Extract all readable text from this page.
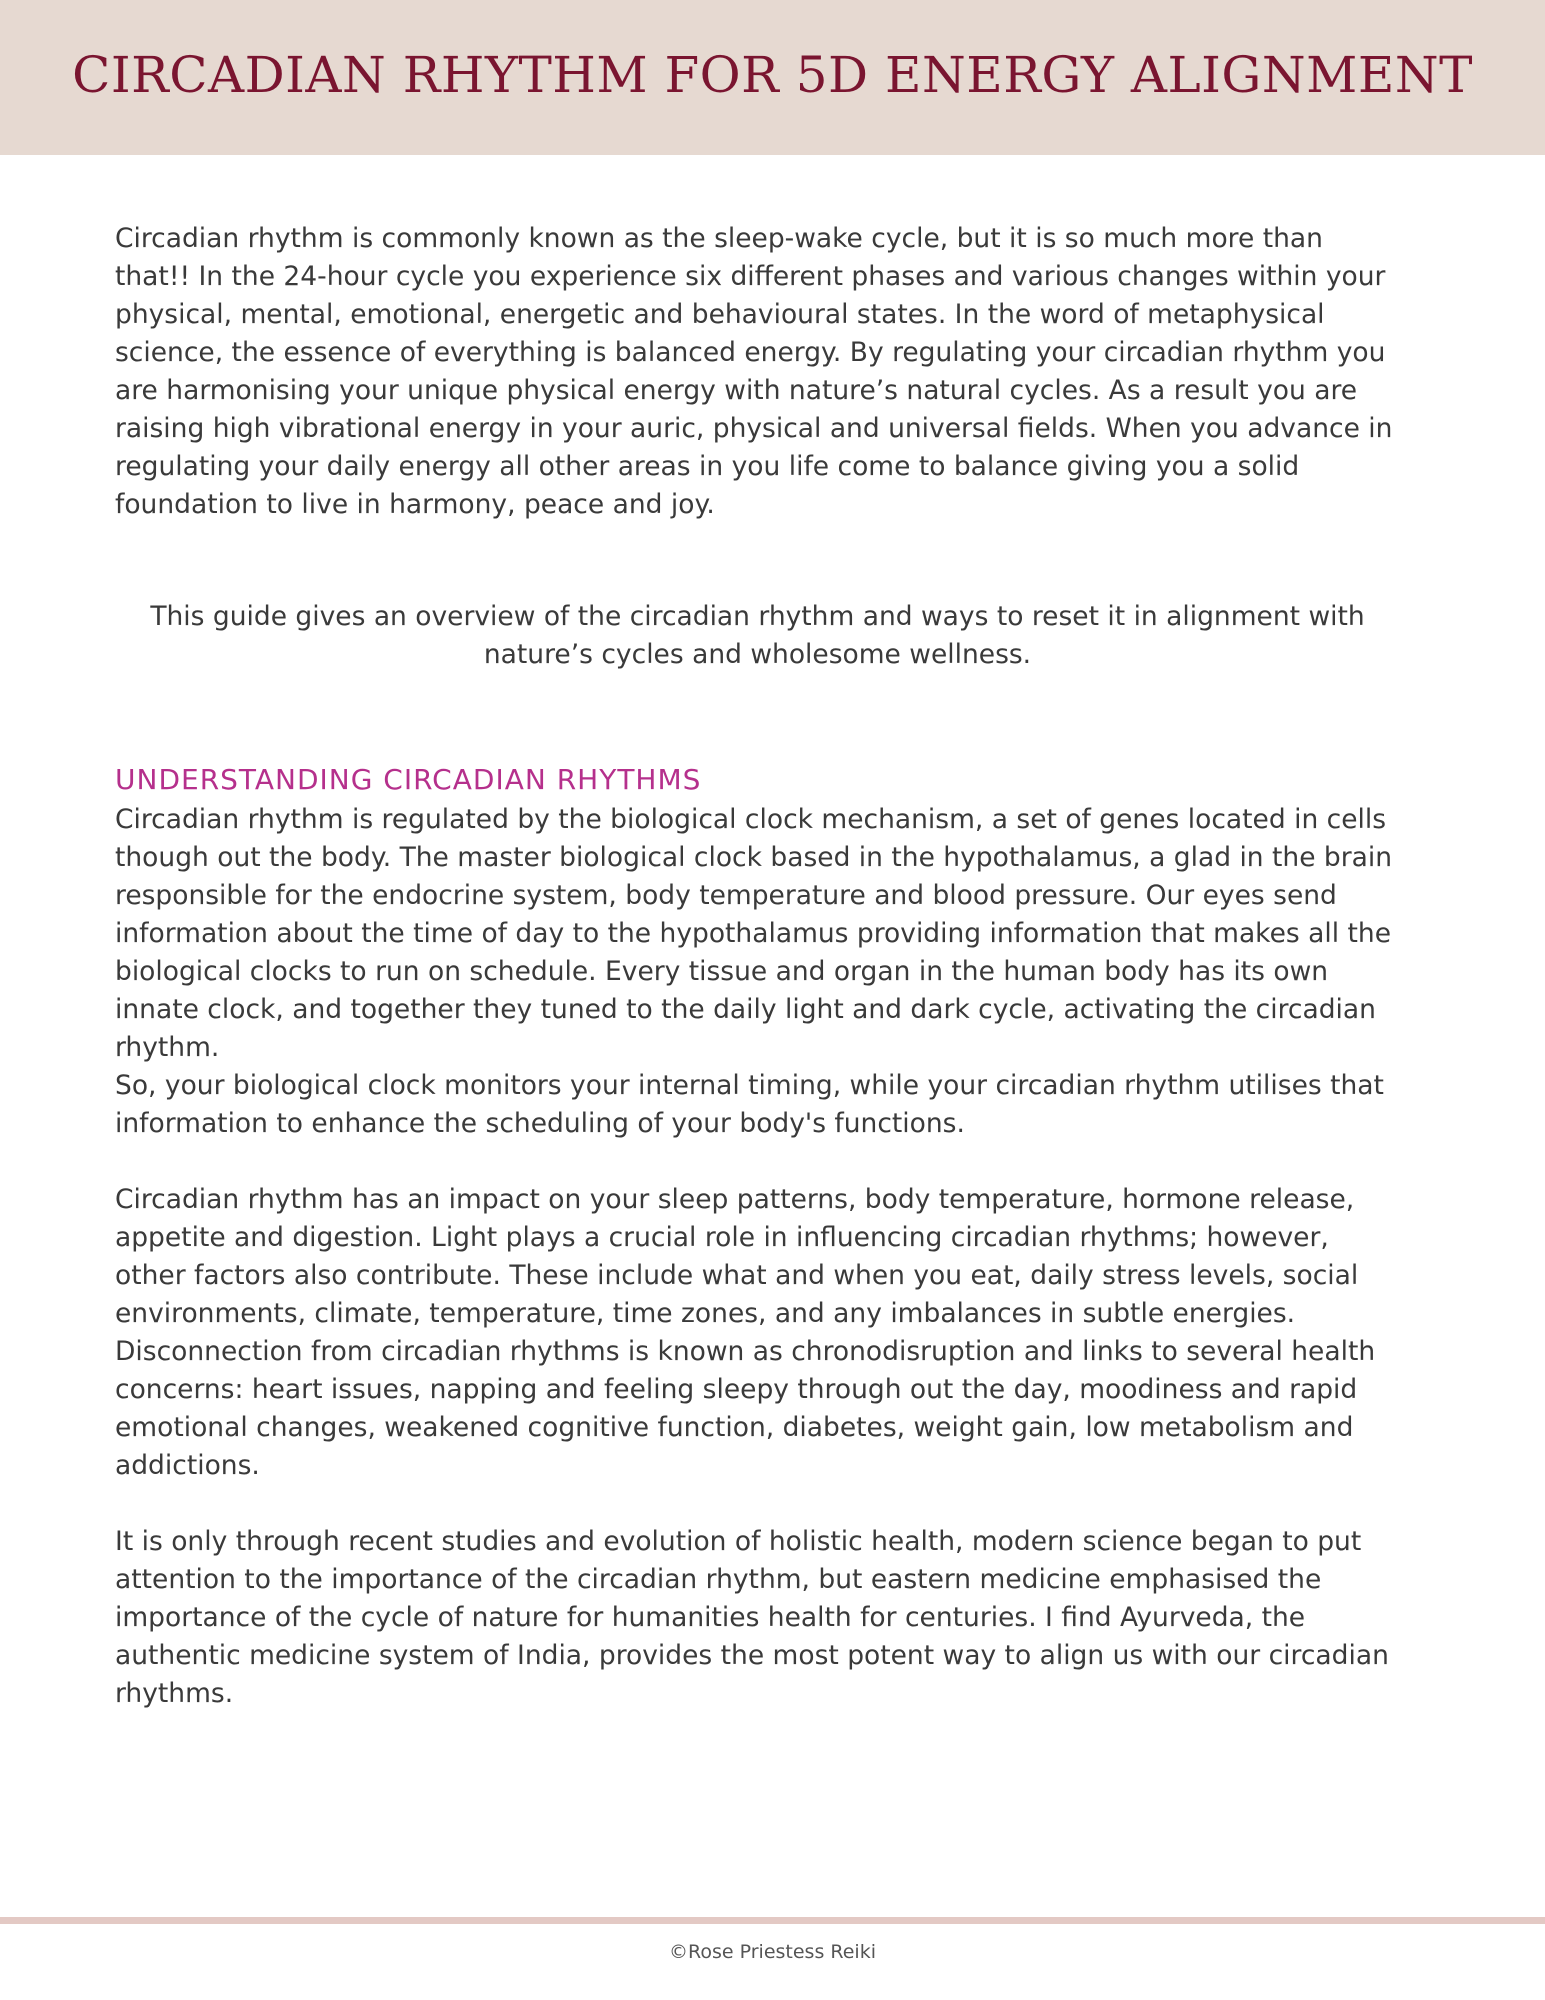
CIRCADIAN RHYTHM FOR 5D ENERGY ALIGNMENT

Circadian rhythm is commonly known as the sleep-wake cycle, but it is so much more than that!! In the 24-hour cycle you experience six different phases and various changes within your physical, mental, emotional, energetic and behavioural states. In the word of metaphysical science, the essence of everything is balanced energy. By regulating your circadian rhythm you are harmonising your unique physical energy with nature’s natural cycles. As a result you are raising high vibrational energy in your auric, physical and universal fields. When you advance in regulating your daily energy all other areas in you life come to balance giving you a solid foundation to live in harmony, peace and joy.

This guide gives an overview of the circadian rhythm and ways to reset it in alignment with nature’s cycles and wholesome wellness.

UNDERSTANDING CIRCADIAN RHYTHMS

Circadian rhythm is regulated by the biological clock mechanism, a set of genes located in cells though out the body. The master biological clock based in the hypothalamus, a glad in the brain responsible for the endocrine system, body temperature and blood pressure. Our eyes send information about the time of day to the hypothalamus providing information that makes all the biological clocks to run on schedule. Every tissue and organ in the human body has its own innate clock, and together they tuned to the daily light and dark cycle, activating the circadian rhythm.

So, your biological clock monitors your internal timing, while your circadian rhythm utilises that information to enhance the scheduling of your body's functions.

Circadian rhythm has an impact on your sleep patterns, body temperature, hormone release, appetite and digestion. Light plays a crucial role in influencing circadian rhythms; however, other factors also contribute. These include what and when you eat, daily stress levels, social environments, climate, temperature, time zones, and any imbalances in subtle energies. Disconnection from circadian rhythms is known as chronodisruption and links to several health concerns: heart issues, napping and feeling sleepy through out the day, moodiness and rapid emotional changes, weakened cognitive function, diabetes, weight gain, low metabolism and addictions.

It is only through recent studies and evolution of holistic health, modern science began to put attention to the importance of the circadian rhythm, but eastern medicine emphasised the importance of the cycle of nature for humanities health for centuries. I find Ayurveda, the authentic medicine system of India, provides the most potent way to align us with our circadian rhythms.

©Rose Priestess Reiki
